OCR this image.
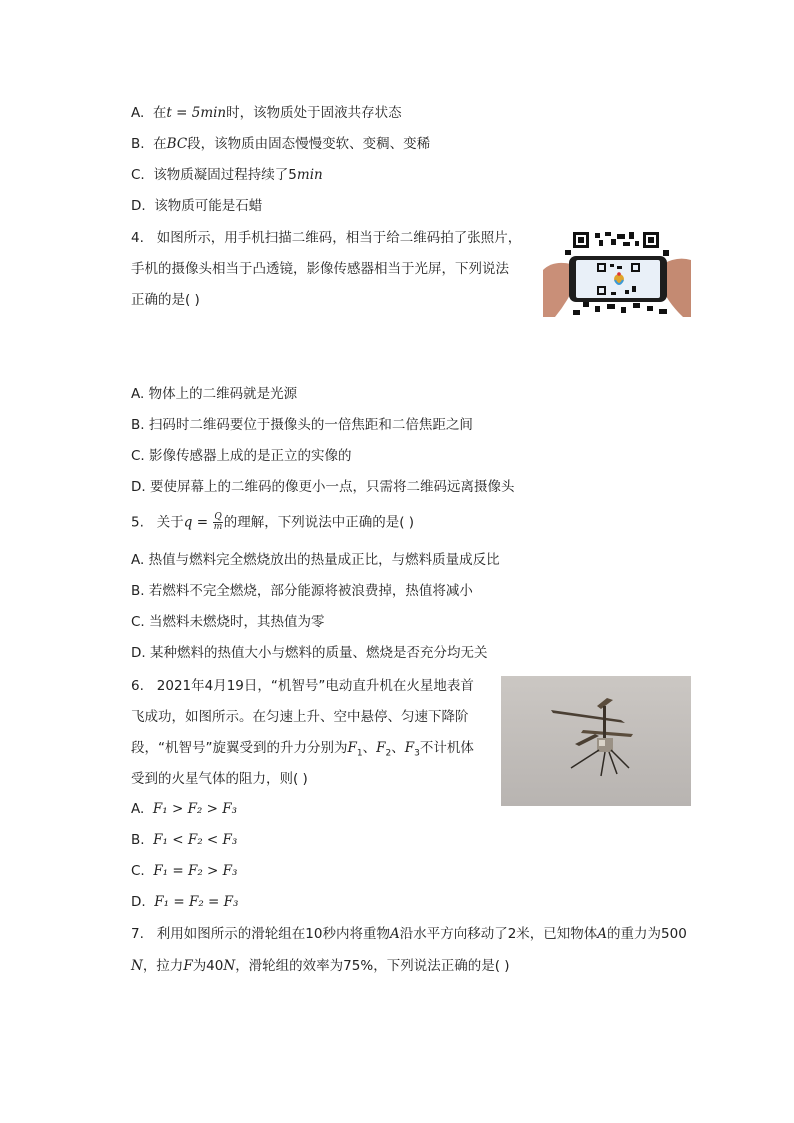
A. 在t = 5min时，该物质处于固液共存状态
B. 在BC段，该物质由固态慢慢变软、变稠、变稀
C. 该物质凝固过程持续了5min
D. 该物质可能是石蜡
4. 如图所示，用手机扫描二维码，相当于给二维码拍了张照片，
手机的摄像头相当于凸透镜，影像传感器相当于光屏，下列说法
正确的是( )
A. 物体上的二维码就是光源
B. 扫码时二维码要位于摄像头的一倍焦距和二倍焦距之间
C. 影像传感器上成的是正立的实像的
D. 要使屏幕上的二维码的像更小一点，只需将二维码远离摄像头
5. 关于$q = \frac{Q}{m}$ 的理解，下列说法中正确的是( )
A. 热值与燃料完全燃烧放出的热量成正比，与燃料质量成反比
B. 若燃料不完全燃烧，部分能源将被浪费掉，热值将减小
C. 当燃料未燃烧时，其热值为零
D. 某种燃料的热值大小与燃料的质量、燃烧是否充分均无关
6. 2021年4月19日，“机智号”电动直升机在火星地表首
飞成功，如图所示。在匀速上升、空中悬停、匀速下降阶
段，“机智号”旋翼受到的升力分别为$F_1$、$F_2$、$F_3$不计机体
受到的火星气体的阻力，则( )
A. F₁ > F₂ > F₃
B. F₁ < F₂ < F₃
C. F₁ = F₂ > F₃
D. F₁ = F₂ = F₃
7. 利用如图所示的滑轮组在10秒内将重物A沿水平方向移动了2米，已知物体A的重力为500
N，拉力F为40N，滑轮组的效率为75%，下列说法正确的是( )
